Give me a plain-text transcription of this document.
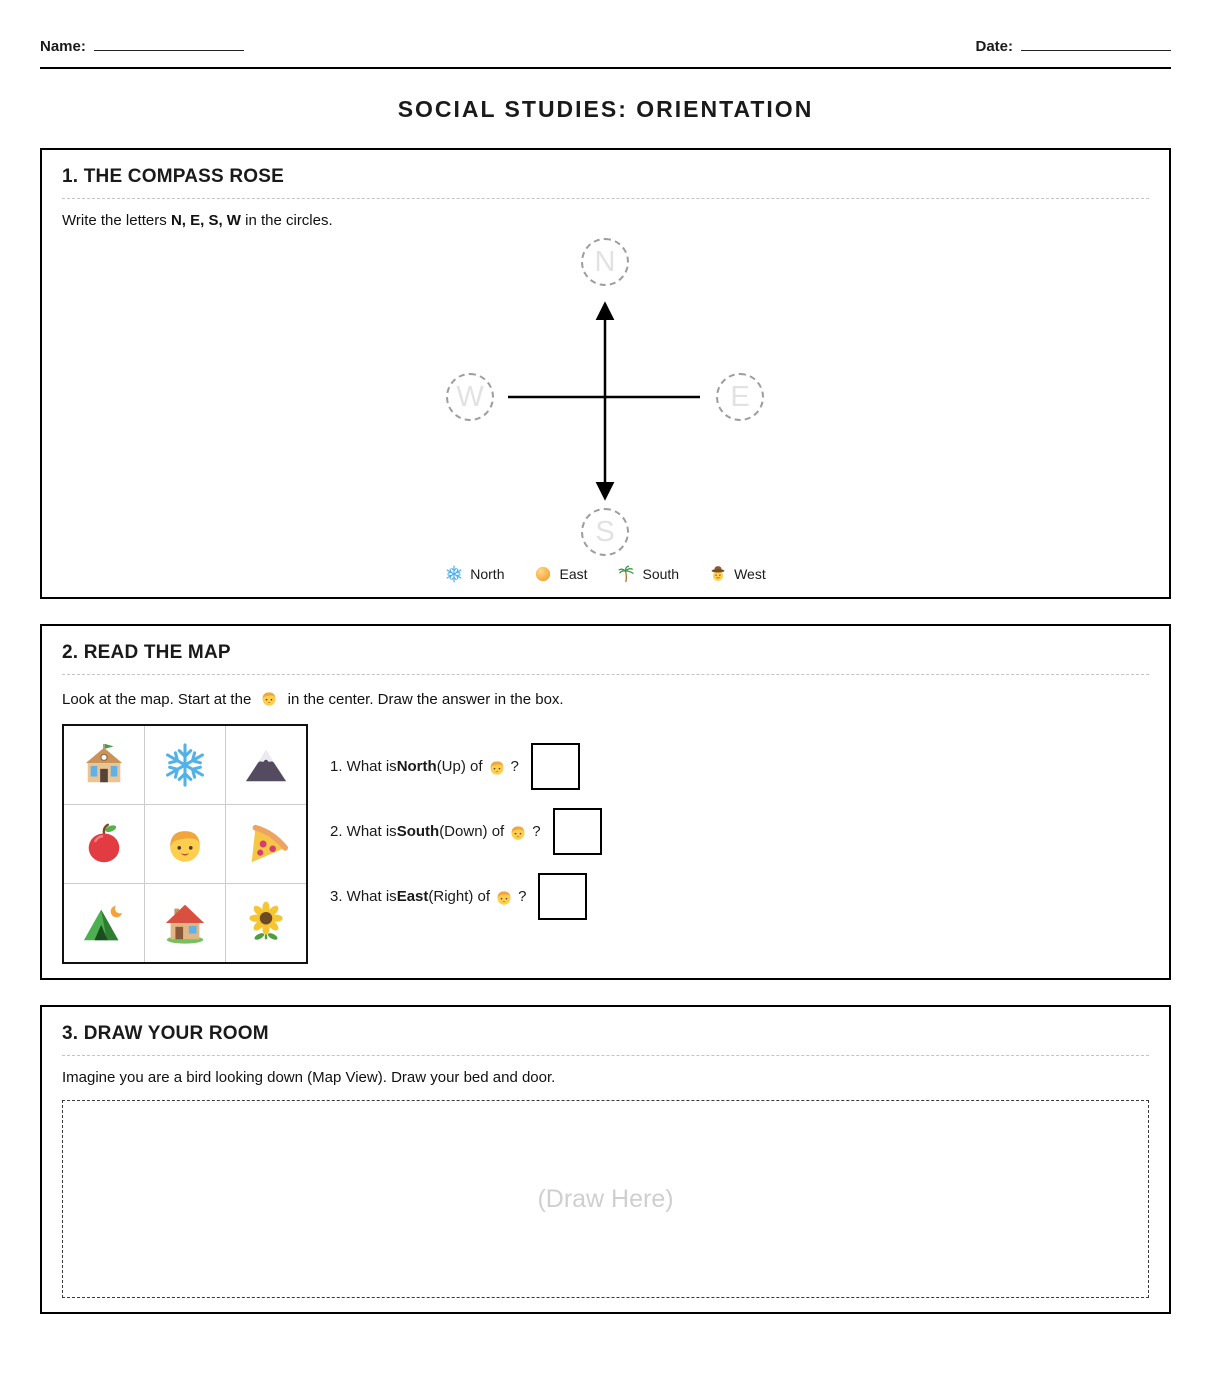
Name:	Date:
SOCIAL STUDIES: ORIENTATION
1. THE COMPASS ROSE

Write the letters N, E, S, W in the circles.

N
W	E
S
North	East	South	West
2. READ THE MAP

Look at the map. Start at the  in the center. Draw the answer in the box.

1. What is North (Up) of ?
2. What is South (Down) of ?
3. What is East (Right) of ?
3. DRAW YOUR ROOM

Imagine you are a bird looking down (Map View). Draw your bed and door.

(Draw Here)
